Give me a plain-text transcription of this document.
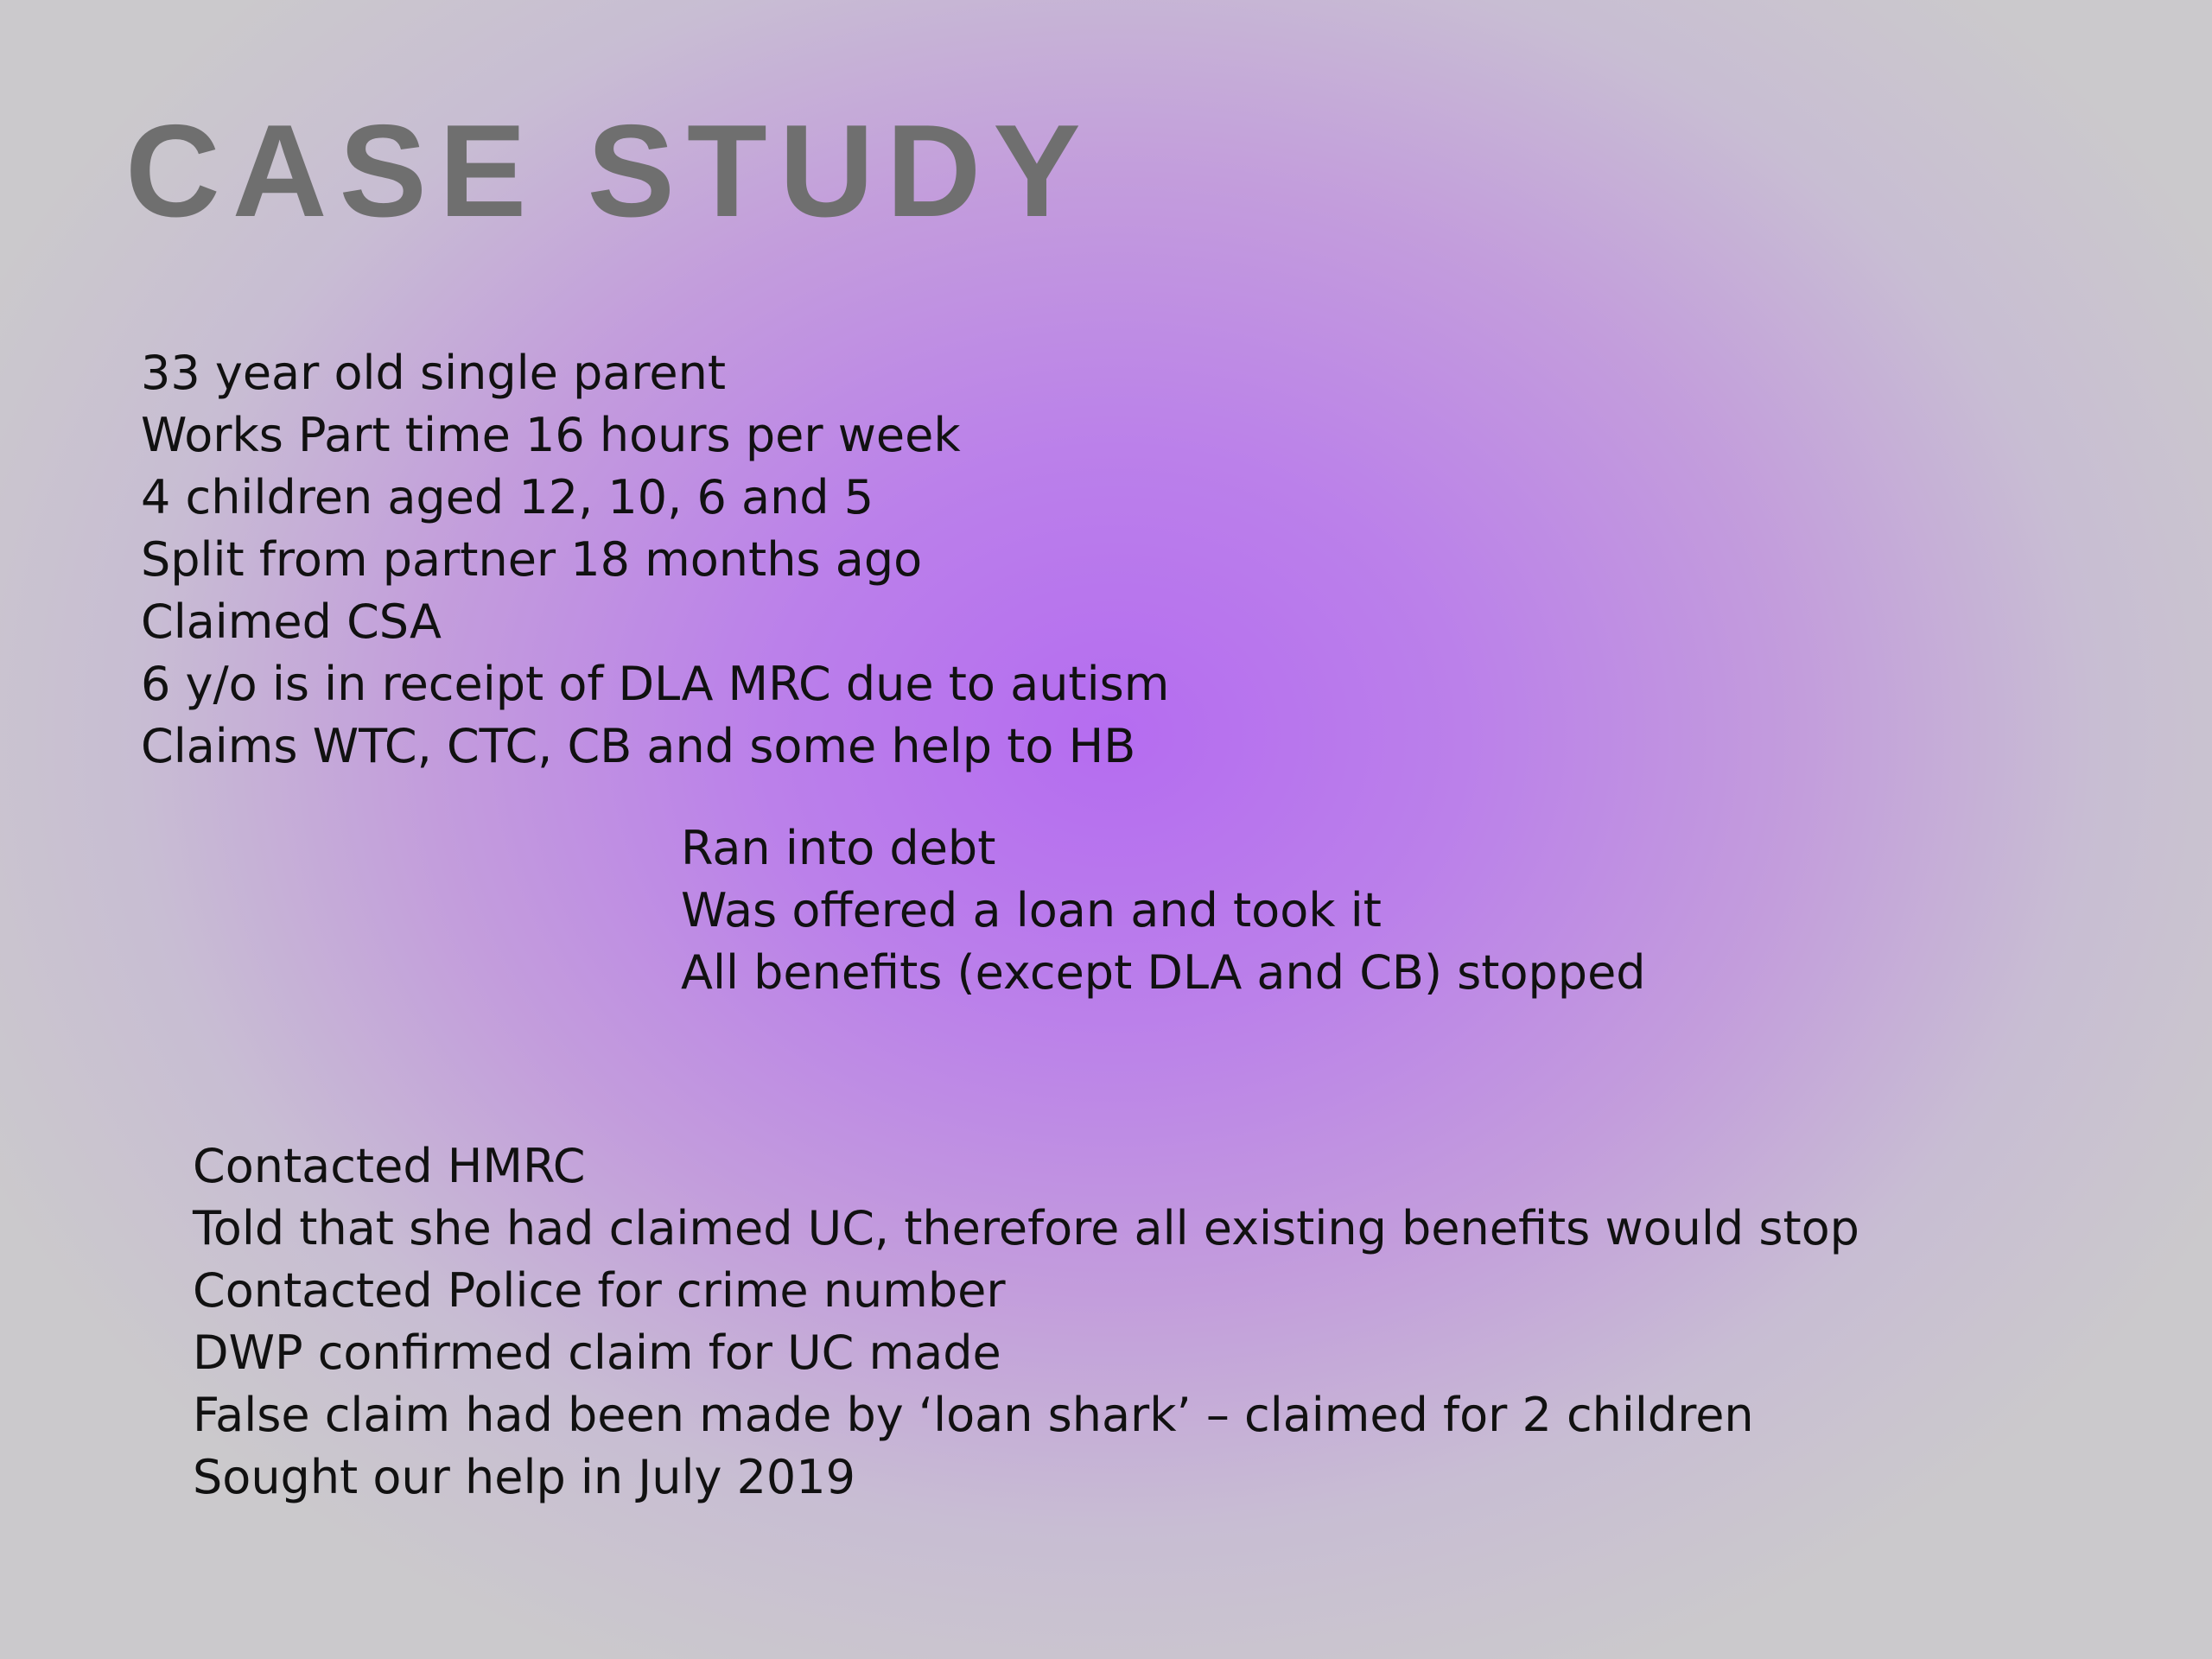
CASE STUDY
33 year old single parent
Works Part time 16 hours per week
4 children aged 12, 10, 6 and 5
Split from partner 18 months ago
Claimed CSA
6 y/o is in receipt of DLA MRC due to autism
Claims WTC, CTC, CB and some help to HB
Ran into debt
Was offered a loan and took it
All benefits (except DLA and CB) stopped
Contacted HMRC
Told that she had claimed UC, therefore all existing benefits would stop
Contacted Police for crime number
DWP confirmed claim for UC made
False claim had been made by ‘loan shark’ – claimed for 2 children
Sought our help in July 2019
